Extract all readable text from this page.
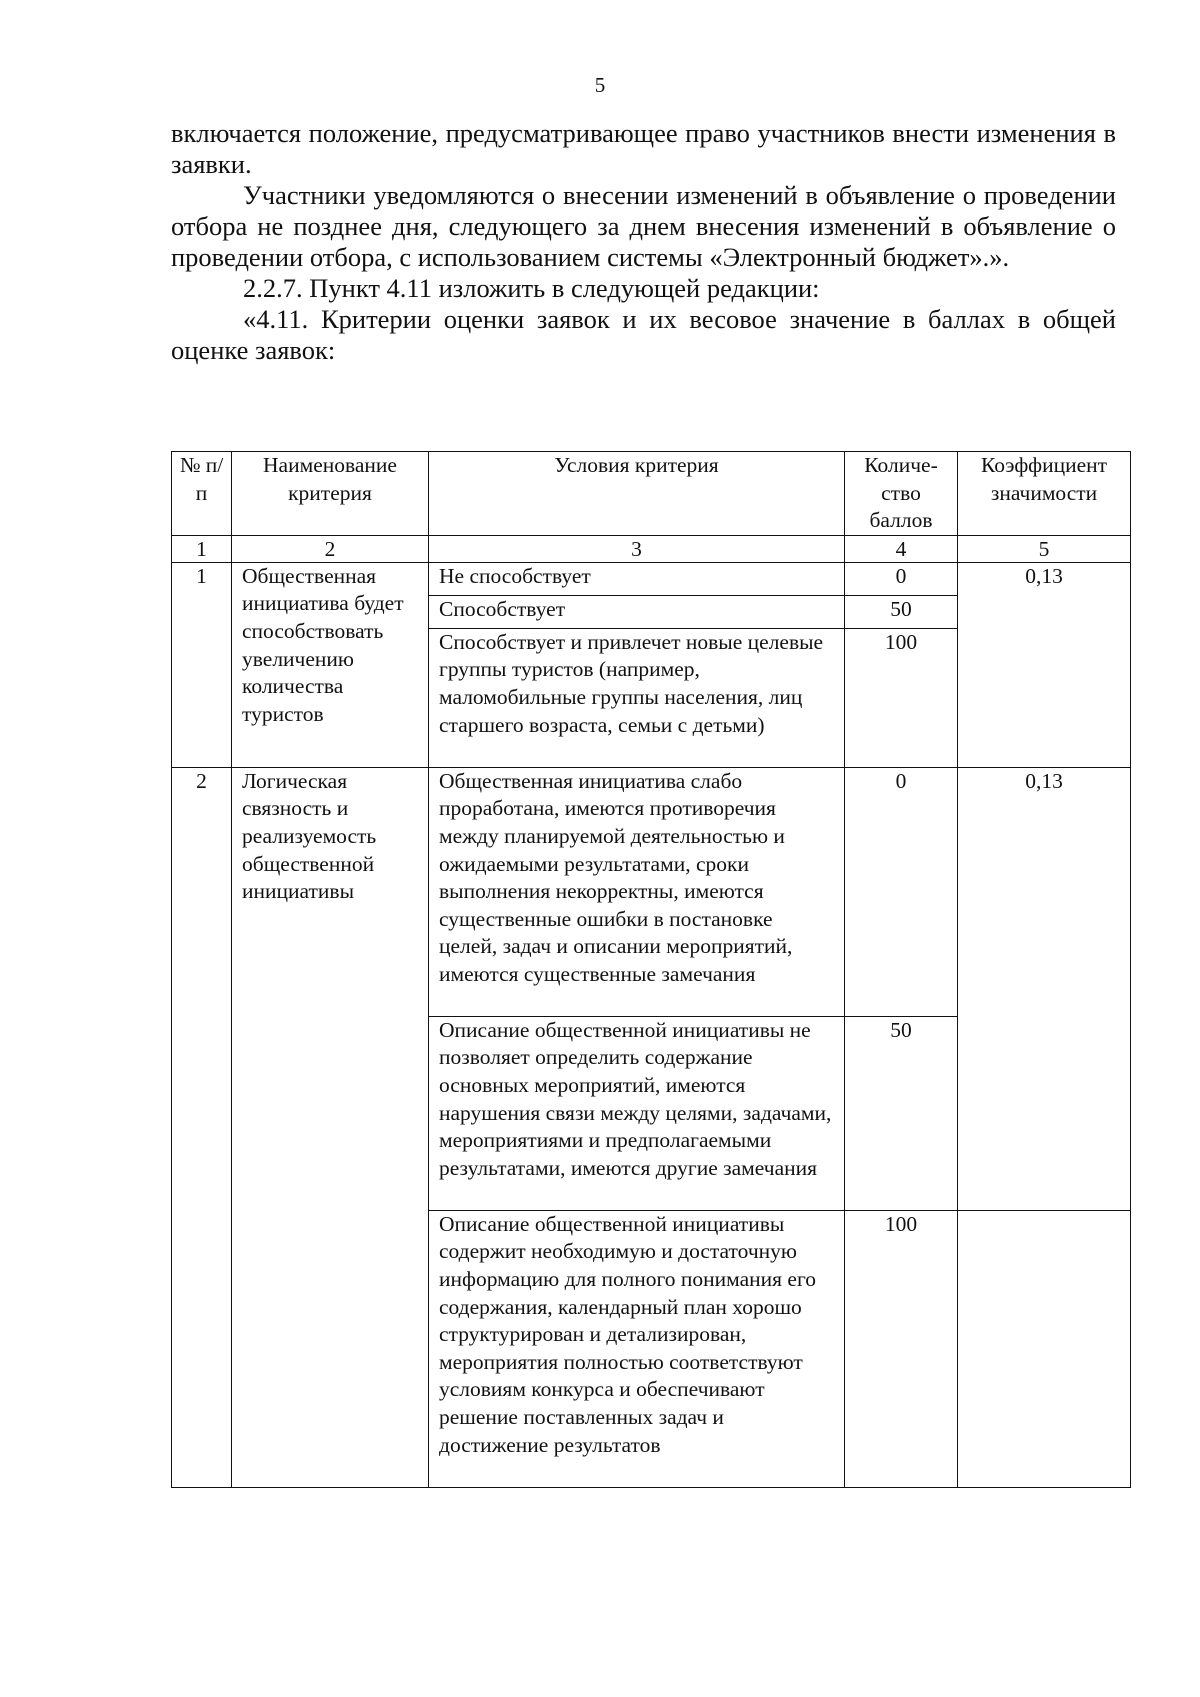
5

включается положение, предусматривающее право участников внести изменения в заявки.

Участники уведомляются о внесении изменений в объявление о проведении отбора не позднее дня, следующего за днем внесения изменений в объявление о проведении отбора, с использованием системы «Электронный бюджет».».

2.2.7. Пункт 4.11 изложить в следующей редакции:

«4.11. Критерии оценки заявок и их весовое значение в баллах в общей оценке заявок:

№ п/п	Наименование критерия	Условия критерия	Количе-ство баллов	Коэффициент значимости
1	2	3	4	5
1	Общественная инициатива будет способствовать увеличению количества туристов	Не способствует	0	0,13
		Способствует	50	
		Способствует и привлечет новые целевые группы туристов (например, маломобильные группы населения, лиц старшего возраста, семьи с детьми)	100	
2	Логическая связность и реализуемость общественной инициативы	Общественная инициатива слабо проработана, имеются противоречия между планируемой деятельностью и ожидаемыми результатами, сроки выполнения некорректны, имеются существенные ошибки в постановке целей, задач и описании мероприятий, имеются существенные замечания	0	0,13
		Описание общественной инициативы не позволяет определить содержание основных мероприятий, имеются нарушения связи между целями, задачами, мероприятиями и предполагаемыми результатами, имеются другие замечания	50	
		Описание общественной инициативы содержит необходимую и достаточную информацию для полного понимания его содержания, календарный план хорошо структурирован и детализирован, мероприятия полностью соответствуют условиям конкурса и обеспечивают решение поставленных задач и достижение результатов	100	
